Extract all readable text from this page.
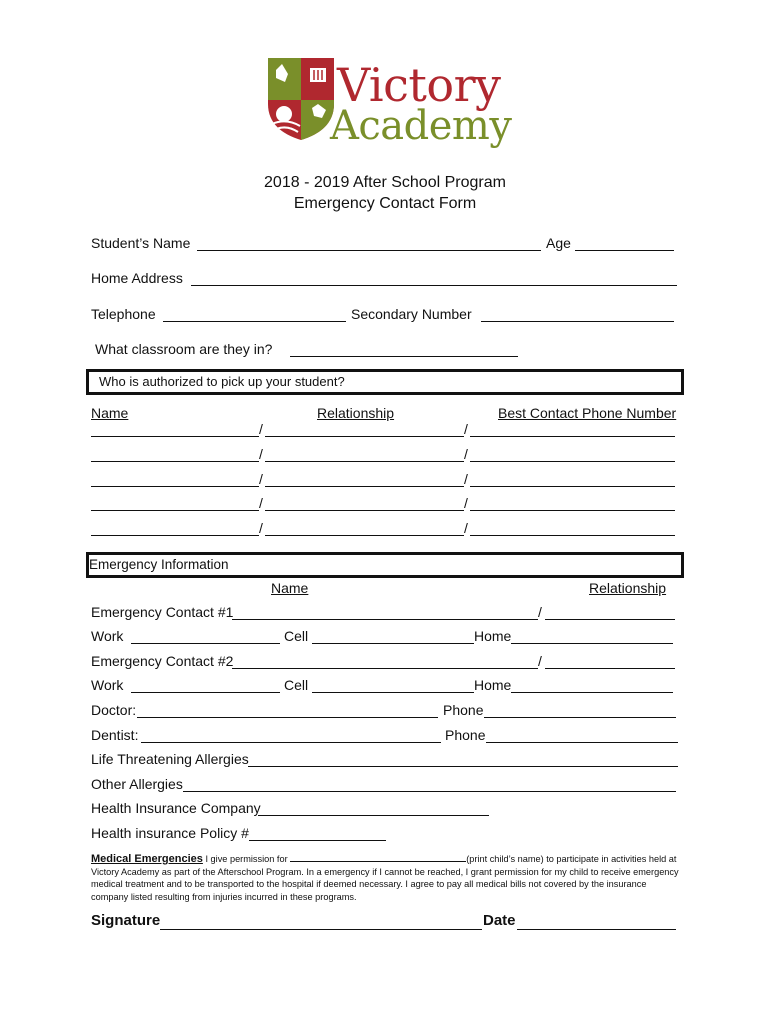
Victory
Academy
2018 - 2019 After School Program
Emergency Contact Form
Student’s Name	Age
Home Address
Telephone	Secondary Number
What classroom are they in?
Who is authorized to pick up your student?
Name	Relationship	Best Contact Phone Number
/	/
/	/
/	/
/	/
/	/
Emergency Information
Name	Relationship
Emergency Contact #1	/
Work	Cell	Home
Emergency Contact #2	/
Work	Cell	Home
Doctor:	Phone
Dentist:	Phone
Life Threatening Allergies
Other Allergies
Health Insurance Company
Health insurance Policy #
Medical Emergencies I give permission for	(print child’s name) to participate in activities held at Victory Academy as part of the Afterschool Program. In a emergency if I cannot be reached, I grant permission for my child to receive emergency medical treatment and to be transported to the hospital if deemed necessary. I agree to pay all medical bills not covered by the insurance company listed resulting from injuries incurred in these programs.
Signature	Date
